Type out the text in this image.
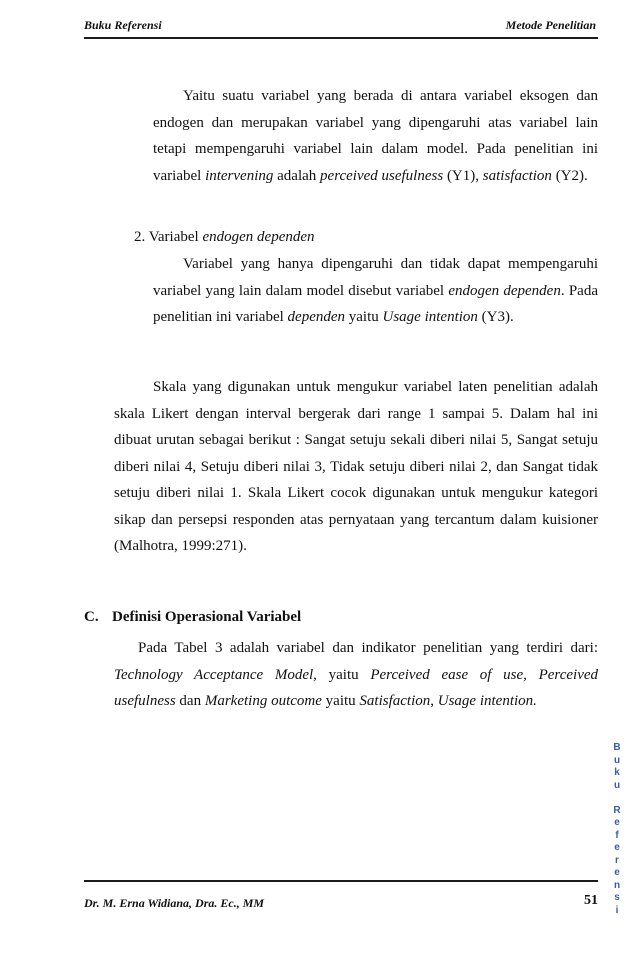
Buku Referensi	Metode Penelitian
Yaitu suatu variabel yang berada di antara variabel eksogen dan endogen dan merupakan variabel yang dipengaruhi atas variabel lain tetapi mempengaruhi variabel lain dalam model. Pada penelitian ini variabel intervening adalah perceived usefulness (Y1), satisfaction (Y2).
2. Variabel endogen dependen
Variabel yang hanya dipengaruhi dan tidak dapat mempengaruhi variabel yang lain dalam model disebut variabel endogen dependen. Pada penelitian ini variabel dependen yaitu Usage intention (Y3).
Skala yang digunakan untuk mengukur variabel laten penelitian adalah skala Likert dengan interval bergerak dari range 1 sampai 5. Dalam hal ini dibuat urutan sebagai berikut : Sangat setuju sekali diberi nilai 5, Sangat setuju diberi nilai 4, Setuju diberi nilai 3, Tidak setuju diberi nilai 2, dan Sangat tidak setuju diberi nilai 1. Skala Likert cocok digunakan untuk mengukur kategori sikap dan persepsi responden atas pernyataan yang tercantum dalam kuisioner (Malhotra, 1999:271).
C. Definisi Operasional Variabel
Pada Tabel 3 adalah variabel dan indikator penelitian yang terdiri dari: Technology Acceptance Model, yaitu Perceived ease of use, Perceived usefulness dan Marketing outcome yaitu Satisfaction, Usage intention.
B
u
k
u

R
e
f
e
r
e
n
s
i
Dr. M. Erna Widiana, Dra. Ec., MM	51
